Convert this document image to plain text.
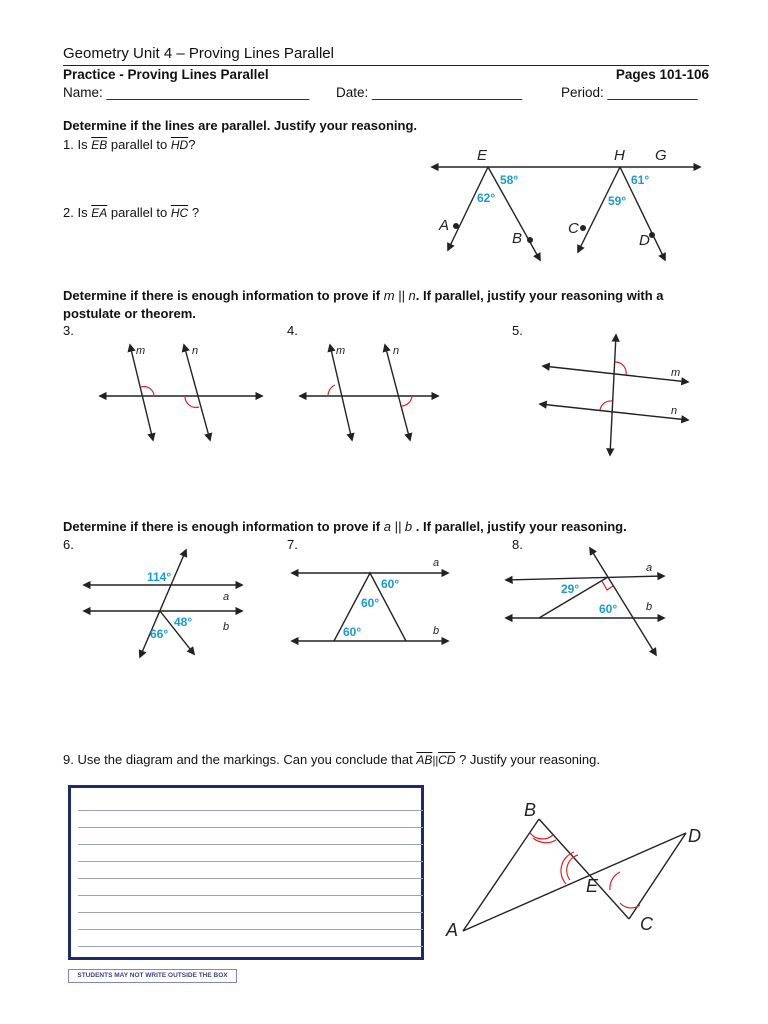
Geometry Unit 4 – Proving Lines Parallel
Practice - Proving Lines Parallel	Pages 101-106
Name: ___________________________ Date: ____________________	Period: ____________
Determine if the lines are parallel. Justify your reasoning.
1. Is $\overline{EB}$ parallel to $\overline{HD}$?
2. Is $\overline{EA}$ parallel to $\overline{HC}$ ?
Determine if there is enough information to prove if m || n. If parallel, justify your reasoning with a
postulate or theorem.
3.	4.	5.
Determine if there is enough information to prove if a || b . If parallel, justify your reasoning.
6.	7.	8.
9. Use the diagram and the markings. Can you conclude that $\overline{AB}||\overline{CD}$ ? Justify your reasoning.
STUDENTS MAY NOT WRITE OUTSIDE THE BOX
E	H G
A
B
C
D
58°
62°
61°
59°
m	n	m	n
m
n
114°
48°
66°
a
b
60°
60°
60°
a
b
29°
60°
a
b
B
D
E
A	C
